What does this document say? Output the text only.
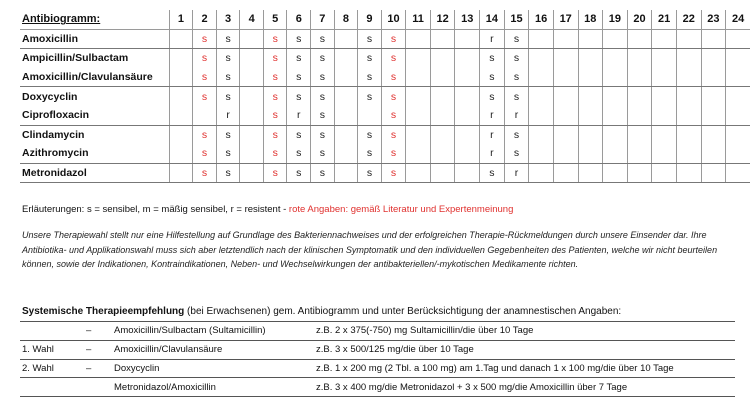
Antibiogramm:	1	2	3	4	5	6	7	8	9	10	11	12	13	14	15	16	17	18	19	20	21	22	23	24
Amoxicillin		s	s		s	s	s		s	s				r	s									
Ampicillin/Sulbactam		s	s		s	s	s		s	s				s	s									
Amoxicillin/Clavulansäure		s	s		s	s	s		s	s				s	s									
Doxycyclin		s	s		s	s	s		s	s				s	s									
Ciprofloxacin			r		s	r	s			s				r	r									
Clindamycin		s	s		s	s	s		s	s				r	s									
Azithromycin		s	s		s	s	s		s	s				r	s									
Metronidazol		s	s		s	s	s		s	s				s	r									
Erläuterungen: s = sensibel, m = mäßig sensibel, r = resistent - rote Angaben: gemäß Literatur und Expertenmeinung
Unsere Therapiewahl stellt nur eine Hilfestellung auf Grundlage des Bakteriennachweises und der erfolgreichen Therapie-Rückmeldungen durch unsere Einsender dar. Ihre Antibiotika- und Applikationswahl muss sich aber letztendlich nach der klinischen Symptomatik und den individuellen Gegebenheiten des Patienten, welche wir nicht beurteilen können, sowie der Indikationen, Kontraindikationen, Neben- und Wechselwirkungen der antibakteriellen/-mykotischen Medikamente richten.
Systemische Therapieempfehlung (bei Erwachsenen) gem. Antibiogramm und unter Berücksichtigung der anamnestischen Angaben:
	–	Amoxicillin/Sulbactam (Sultamicillin)	z.B. 2 x 375(-750) mg Sultamicillin/die über 10 Tage
1. Wahl	–	Amoxicillin/Clavulansäure	z.B. 3 x 500/125 mg/die über 10 Tage
2. Wahl	–	Doxycyclin	z.B. 1 x 200 mg (2 Tbl. a 100 mg) am 1.Tag und danach 1 x 100 mg/die über 10 Tage
		Metronidazol/Amoxicillin	z.B. 3 x 400 mg/die Metronidazol + 3 x 500 mg/die Amoxicillin über 7 Tage
